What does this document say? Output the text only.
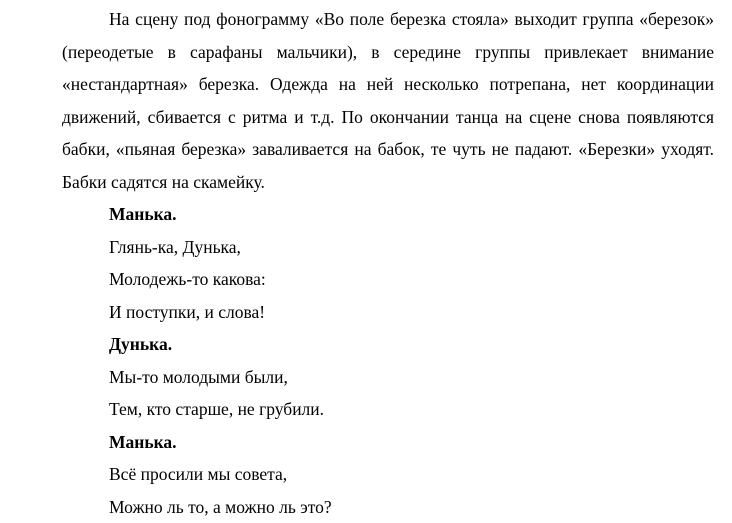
На сцену под фонограмму «Во поле березка стояла» выходит группа «березок» (переодетые в сарафаны мальчики), в середине группы привлекает внимание «нестандартная» березка. Одежда на ней несколько потрепана, нет координации движений, сбивается с ритма и т.д. По окончании танца на сцене снова появляются бабки, «пьяная березка» заваливается на бабок, те чуть не падают. «Березки» уходят. Бабки садятся на скамейку.

Манька.

Глянь-ка, Дунька,

Молодежь-то какова:

И поступки, и слова!

Дунька.

Мы-то молодыми были,

Тем, кто старше, не грубили.

Манька.

Всё просили мы совета,

Можно ль то, а можно ль это?
